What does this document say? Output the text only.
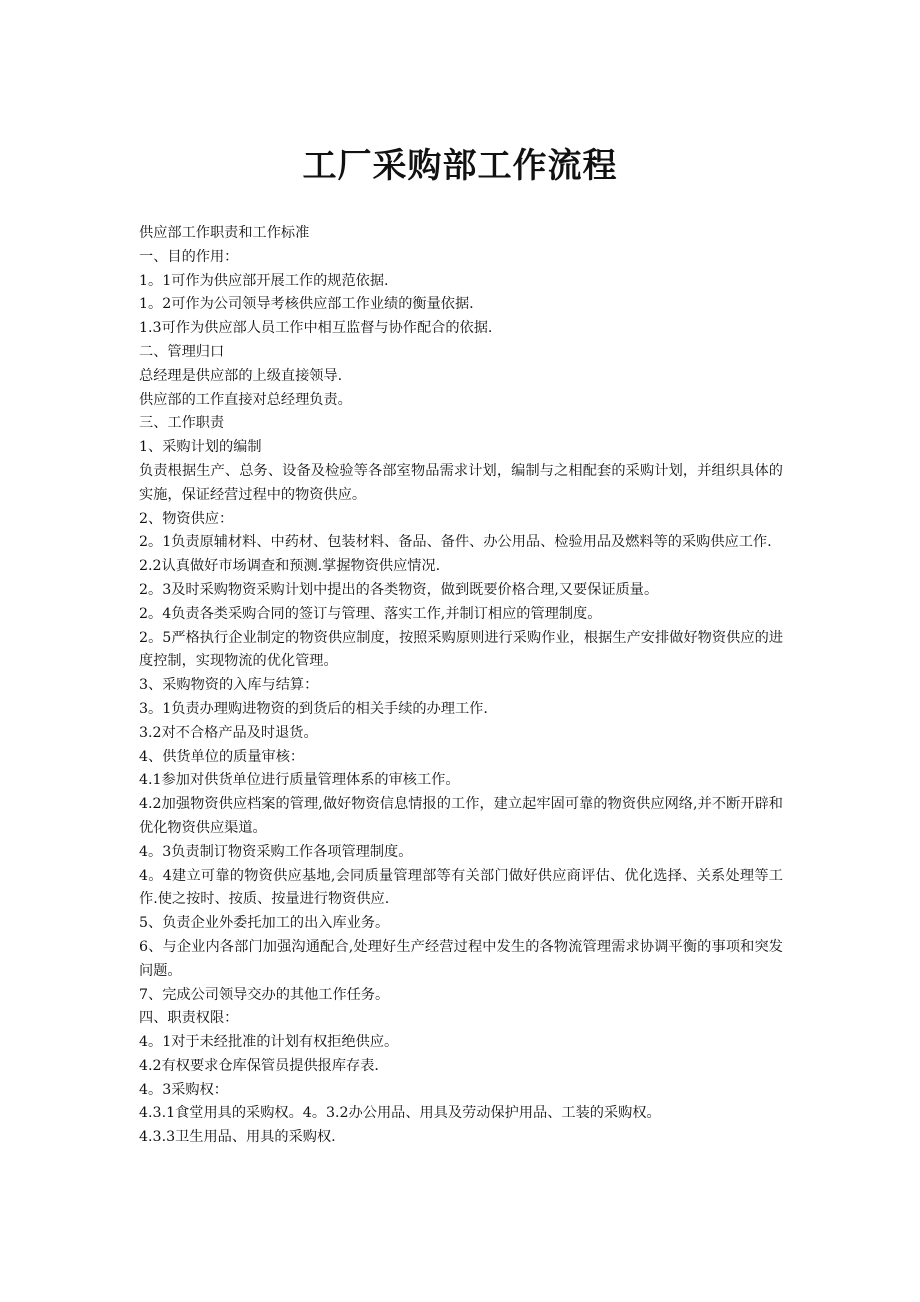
工厂采购部工作流程
供应部工作职责和工作标准
一、目的作用：
1。1可作为供应部开展工作的规范依据.
1。2可作为公司领导考核供应部工作业绩的衡量依据.
1.3可作为供应部人员工作中相互监督与协作配合的依据.
二、管理归口
总经理是供应部的上级直接领导.
供应部的工作直接对总经理负责。
三、工作职责
1、采购计划的编制
负责根据生产、总务、设备及检验等各部室物品需求计划，编制与之相配套的采购计划，并组织具体的实施，保证经营过程中的物资供应。
2、物资供应：
2。1负责原辅材料、中药材、包装材料、备品、备件、办公用品、检验用品及燃料等的采购供应工作.
2.2认真做好市场调查和预测.掌握物资供应情况.
2。3及时采购物资采购计划中提出的各类物资，做到既要价格合理,又要保证质量。
2。4负责各类采购合同的签订与管理、落实工作,并制订相应的管理制度。
2。5严格执行企业制定的物资供应制度，按照采购原则进行采购作业，根据生产安排做好物资供应的进度控制，实现物流的优化管理。
3、采购物资的入库与结算：
3。1负责办理购进物资的到货后的相关手续的办理工作.
3.2对不合格产品及时退货。
4、供货单位的质量审核：
4.1参加对供货单位进行质量管理体系的审核工作。
4.2加强物资供应档案的管理,做好物资信息情报的工作，建立起牢固可靠的物资供应网络,并不断开辟和优化物资供应渠道。
4。3负责制订物资采购工作各项管理制度。
4。4建立可靠的物资供应基地,会同质量管理部等有关部门做好供应商评估、优化选择、关系处理等工作.使之按时、按质、按量进行物资供应.
5、负责企业外委托加工的出入库业务。
6、与企业内各部门加强沟通配合,处理好生产经营过程中发生的各物流管理需求协调平衡的事项和突发问题。
7、完成公司领导交办的其他工作任务。
四、职责权限：
4。1对于未经批准的计划有权拒绝供应。
4.2有权要求仓库保管员提供报库存表.
4。3采购权：
4.3.1食堂用具的采购权。4。3.2办公用品、用具及劳动保护用品、工装的采购权。
4.3.3卫生用品、用具的采购权.
